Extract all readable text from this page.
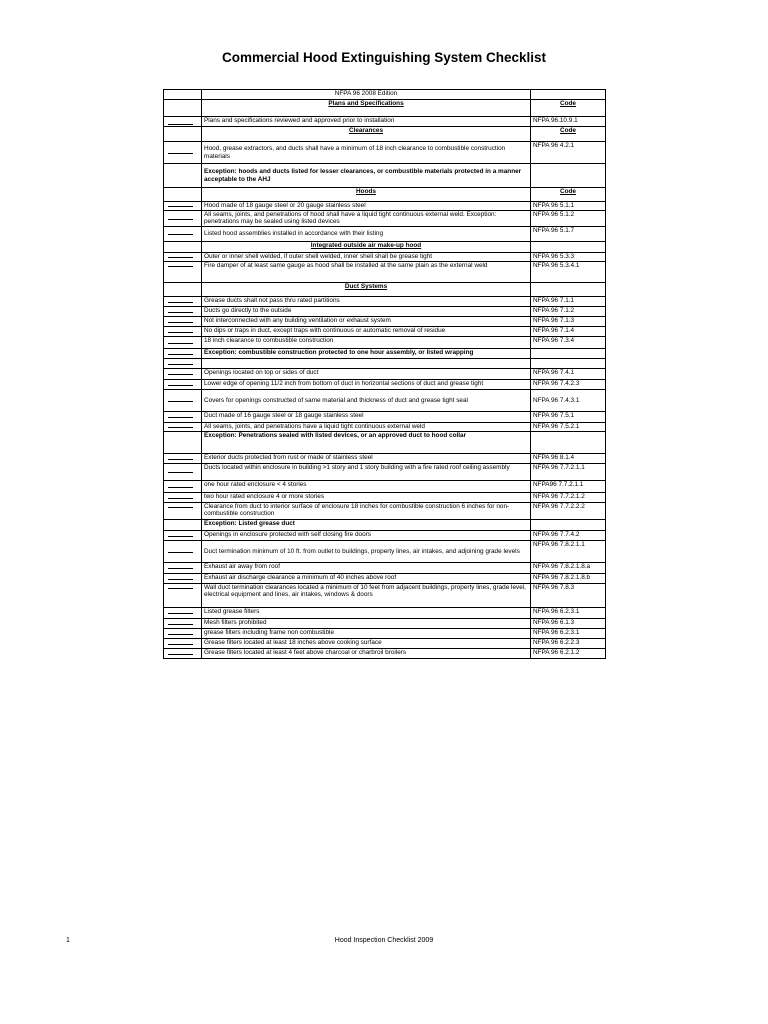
Commercial Hood Extinguishing System Checklist
	NFPA 96 2008 Edition	
	Plans and Specifications	Code

	Plans and specifications reviewed and approved prior to installation	NFPA 96.10.9.1
	Clearances	Code

	Hood, grease extractors, and ducts shall have a minimum of 18 inch clearance to combustible construction materials	NFPA 96 4.2.1
	Exception: hoods and ducts listed for lesser clearances, or combustible materials protected in a manner acceptable to the AHJ	
	Hoods	Code

	Hood made of 18 gauge steel or 20 gauge stainless steel	NFPA 96 5.1.1

	All seams, joints, and penetrations of hood shall have a liquid tight continuous external weld. Exception: penetrations may be sealed using listed devices	NFPA 96 5.1.2

	Listed hood assemblies installed in accordance with their listing	NFPA 96 5.1.7
	Integrated outside air make-up hood	

	Outer or inner shell welded, if outer shell welded, inner shell shall be grease tight	NFPA 96 5.3.3

	Fire damper of at least same gauge as hood shall be installed at the same plain as the external weld	NFPA 96 5.3.4.1
	Duct Systems	

	Grease ducts shall not pass thru rated partitions	NFPA 96 7.1.1

	Ducts go directly to the outside	NFPA 96 7.1.2

	Not interconnected with any building ventilation or exhaust system	NFPA 96 7.1.3

	No dips or traps in duct, except traps with continuous or automatic removal of residue	NFPA 96 7.1.4

	18 inch clearance to combustible construction	NFPA 96 7.3.4

	Exception: combustible construction protected to one hour assembly, or listed wrapping	

	Openings located on top or sides of duct	NFPA 96 7.4.1

	Lower edge of opening 11/2 inch from bottom of duct in horizontal sections of duct and grease tight	NFPA 96 7.4.2.3

	Covers for openings constructed of same material and thickness of duct and grease tight seal	NFPA 96 7.4.3.1

	Duct made of 16 gauge steel or 18 gauge stainless steel	NFPA 96 7.5.1

	All seams, joints, and penetrations have a liquid tight continuous external weld	NFPA 96 7.5.2.1
	Exception: Penetrations sealed with listed devices, or an approved duct to hood collar	

	Exterior ducts protected from rust or made of stainless steel	NFPA 96 8.1.4

	Ducts located within enclosure in building >1 story and 1 story building with a fire rated roof ceiling assembly	NFPA 96 7.7.2.1.1

	one hour rated enclosure < 4 stories	NFPA96 7.7.2.1.1

	two hour rated enclosure 4 or more stories	NFPA 96 7.7.2.1.2

	Clearance from duct to interior surface of enclosure 18 inches for combustible construction 6 inches for non-combustible construction	NFPA 96 7.7.2.2.2
	Exception: Listed grease duct	

	Openings in enclosure protected with self closing fire doors	NFPA 96 7.7.4.2

	Duct termination minimum of 10 ft. from outlet to buildings, property lines, air intakes, and adjoining grade levels	NFPA 96 7.8.2.1.1

	Exhaust air away from roof	NFPA 96 7.8.2.1.8.a

	Exhaust air discharge clearance a minimum of 40 inches above roof	NFPA 96 7.8.2.1.8.b

	Wall duct termination clearances located a minimum of 10 feet from adjacent buildings, property lines, grade level, electrical equipment and lines, air intakes, windows & doors	NFPA 96 7.8.3

	Listed grease filters	NFPA 96 6.2.3.1

	Mesh filters prohibited	NFPA 96 6.1.3

	grease filters including frame non combustible	NFPA 96 6.2.3.1

	Grease filters located at least 18 inches above cooking surface	NFPA 96 6.2.2.3

	Grease filters located at least 4 feet above charcoal or charbroil broilers	NFPA 96 6.2.1.2
1	Hood Inspection Checklist 2009
